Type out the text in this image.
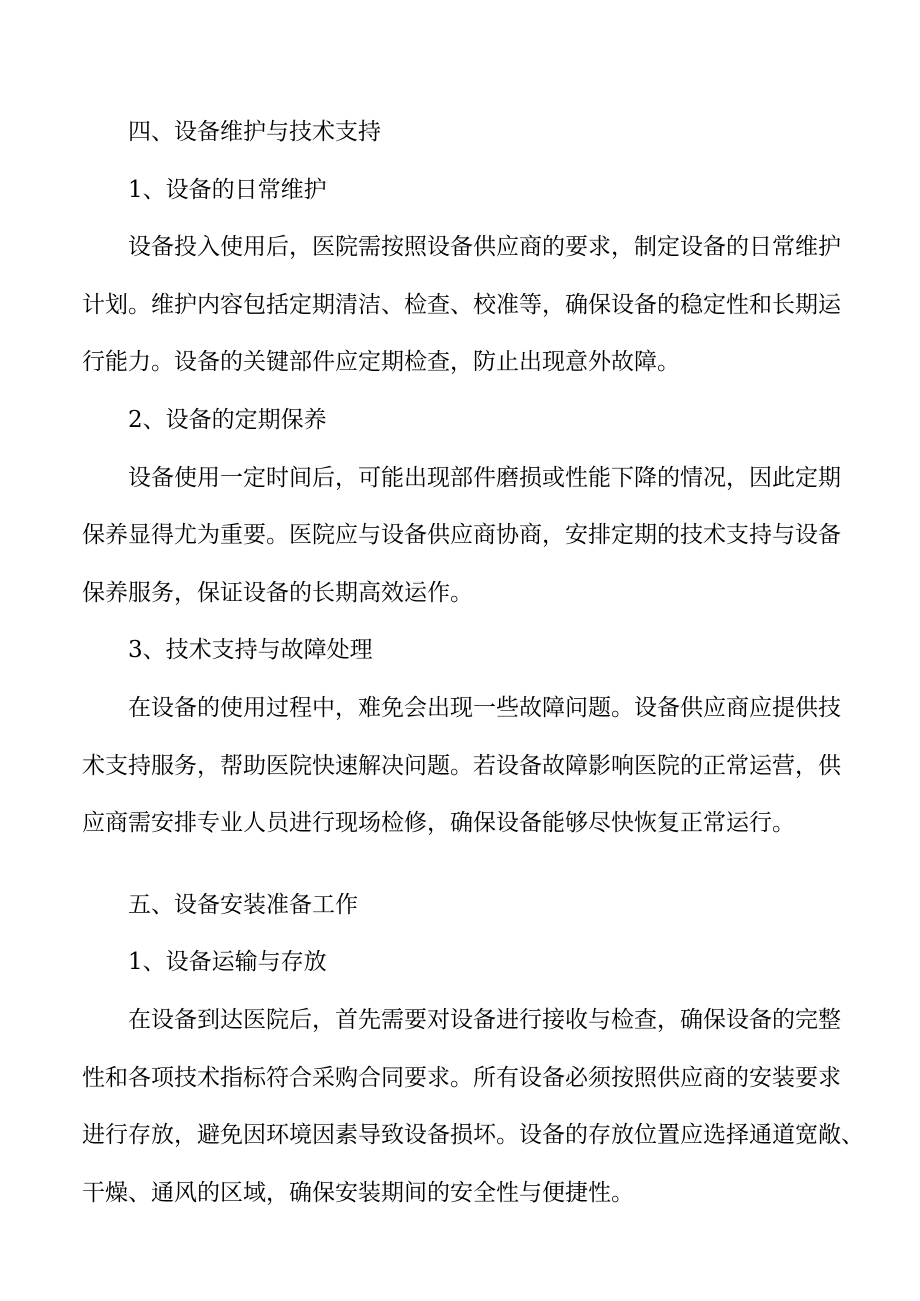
四、设备维护与技术支持

1、设备的日常维护

设备投入使用后，医院需按照设备供应商的要求，制定设备的日常维护

计划。维护内容包括定期清洁、检查、校准等，确保设备的稳定性和长期运

行能力。设备的关键部件应定期检查，防止出现意外故障。

2、设备的定期保养

设备使用一定时间后，可能出现部件磨损或性能下降的情况，因此定期

保养显得尤为重要。医院应与设备供应商协商，安排定期的技术支持与设备

保养服务，保证设备的长期高效运作。

3、技术支持与故障处理

在设备的使用过程中，难免会出现一些故障问题。设备供应商应提供技

术支持服务，帮助医院快速解决问题。若设备故障影响医院的正常运营，供

应商需安排专业人员进行现场检修，确保设备能够尽快恢复正常运行。

五、设备安装准备工作

1、设备运输与存放

在设备到达医院后，首先需要对设备进行接收与检查，确保设备的完整

性和各项技术指标符合采购合同要求。所有设备必须按照供应商的安装要求

进行存放，避免因环境因素导致设备损坏。设备的存放位置应选择通道宽敞、

干燥、通风的区域，确保安装期间的安全性与便捷性。
